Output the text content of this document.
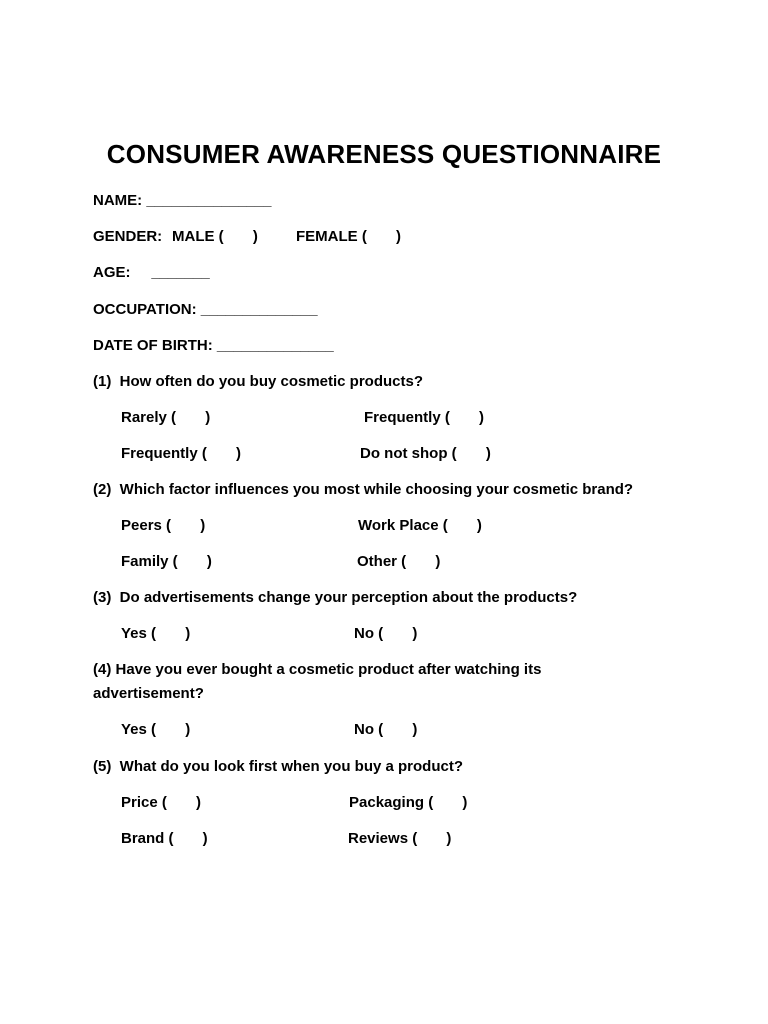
CONSUMER AWARENESS QUESTIONNAIRE
NAME: _______________
GENDER: MALE (       )	FEMALE (       )
AGE:     _______
OCCUPATION: ______________
DATE OF BIRTH: ______________
(1)  How often do you buy cosmetic products?
Rarely (       )	Frequently (       )
Frequently (       )	Do not shop (       )
(2)  Which factor influences you most while choosing your cosmetic brand?
Peers (       )	Work Place (       )
Family (       )	Other (       )
(3)  Do advertisements change your perception about the products?
Yes (       )	No (       )
(4) Have you ever bought a cosmetic product after watching its
advertisement?
Yes (       )	No (       )
(5)  What do you look first when you buy a product?
Price (       )	Packaging (       )
Brand (       )	Reviews (       )
